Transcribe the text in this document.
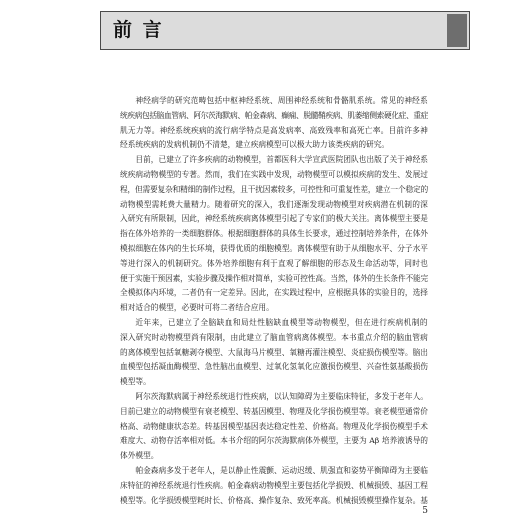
前 言
神经病学的研究范畴包括中枢神经系统、周围神经系统和骨骼肌系统。常见的神经系
统疾病包括脑血管病、阿尔茨海默病、帕金森病、癫痫、脱髓鞘疾病、肌萎缩侧索硬化症、重症
肌无力等。神经系统疾病的流行病学特点是高发病率、高致残率和高死亡率。目前许多神
经系统疾病的发病机制仍不清楚，建立疾病模型可以极大助力该类疾病的研究。
目前，已建立了许多疾病的动物模型，首都医科大学宣武医院团队也出版了关于神经系
统疾病动物模型的专著。然而，我们在实践中发现，动物模型可以模拟疾病的发生、发展过
程，但需要复杂和精细的制作过程，且干扰因素较多，可控性和可重复性差，建立一个稳定的
动物模型需耗费大量精力。随着研究的深入，我们逐渐发现动物模型对疾病潜在机制的深
入研究有所限制，因此，神经系统疾病离体模型引起了专家们的极大关注。离体模型主要是
指在体外培养的一类细胞群体。根据细胞群体的具体生长要求，通过控制培养条件，在体外
模拟细胞在体内的生长环境，获得优质的细胞模型。离体模型有助于从细胞水平、分子水平
等进行深入的机制研究。体外培养细胞有利于直观了解细胞的形态及生命活动等，同时也
便于实施干预因素，实验步骤及操作相对简单，实验可控性高。当然，体外的生长条件不能完
全模拟体内环境，二者仍有一定差异。因此，在实践过程中，应根据具体的实验目的，选择
相对适合的模型，必要时可将二者结合应用。
近年来，已建立了全脑缺血和局灶性脑缺血模型等动物模型，但在进行疾病机制的
深入研究时动物模型尚有限制，由此建立了脑血管病离体模型。本书重点介绍的脑血管病
的离体模型包括氧糖剥夺模型、大鼠海马片模型、氧糖再灌注模型、炎症损伤模型等。脑出
血模型包括凝血酶模型、急性脑出血模型、过氧化氢氧化应激损伤模型、兴奋性氨基酸损伤
模型等。
阿尔茨海默病属于神经系统退行性疾病，以认知障碍为主要临床特征，多发于老年人。
目前已建立的动物模型有衰老模型、转基因模型、物理及化学损伤模型等。衰老模型通常价
格高、动物健康状态差。转基因模型基因表达稳定性差、价格高。物理及化学损伤模型手术
难度大、动物存活率相对低。本书介绍的阿尔茨海默病体外模型，主要为 Aβ 培养液诱导的
体外模型。
帕金森病多发于老年人，是以静止性震颤、运动迟缓、肌强直和姿势平衡障碍为主要临
床特征的神经系统退行性疾病。帕金森病动物模型主要包括化学损毁、机械损毁、基因工程
模型等。化学损毁模型耗时长、价格高、操作复杂、致死率高。机械损毁模型操作复杂。基
5
